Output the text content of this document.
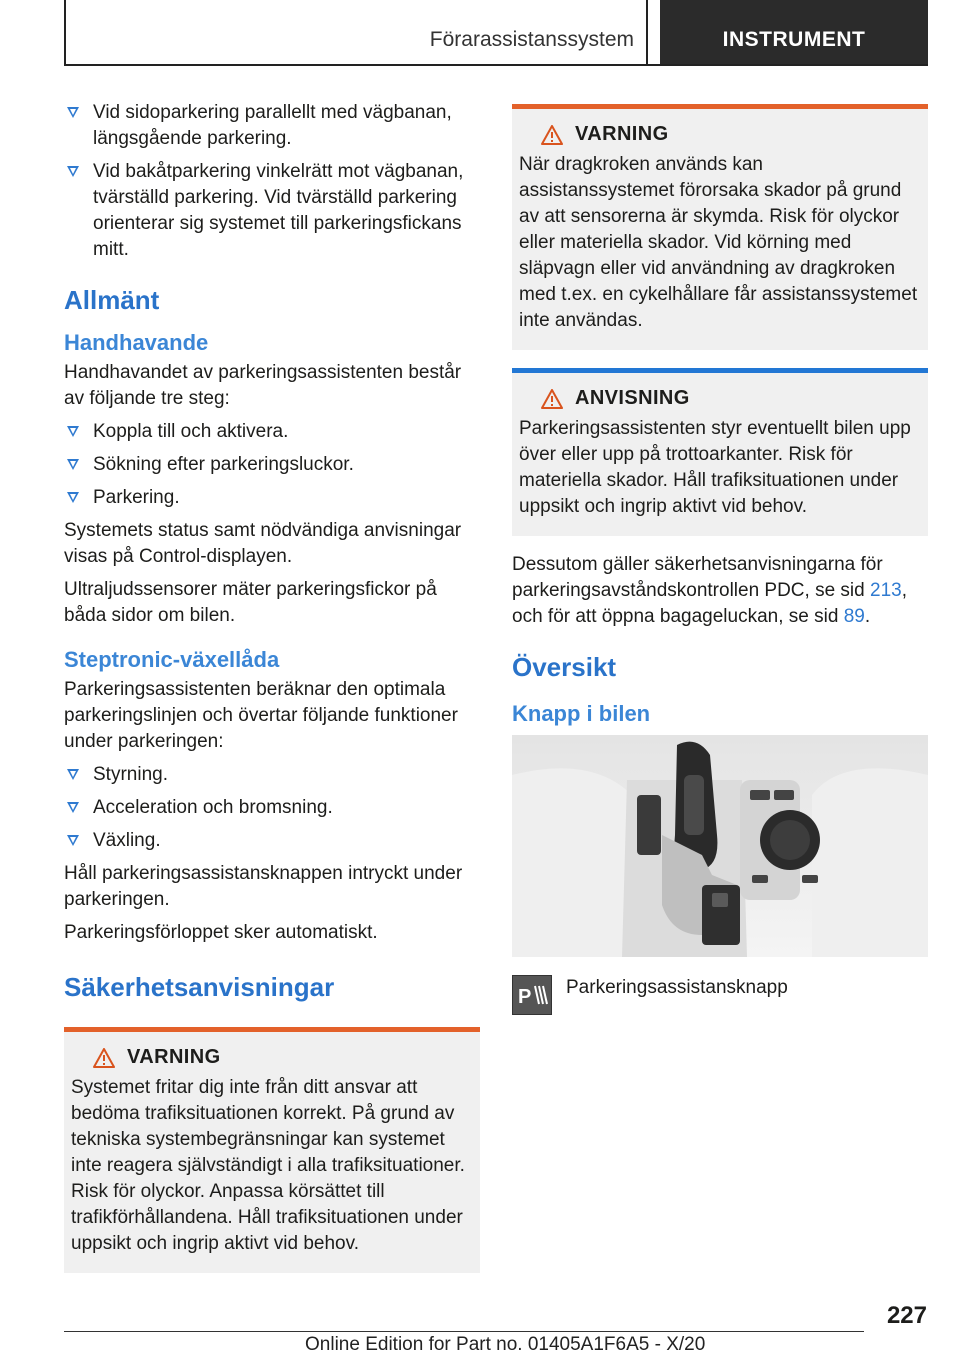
Förarassistanssystem	INSTRUMENT
Vid sidoparkering parallellt med vägbanan, längsgående parkering.
Vid bakåtparkering vinkelrätt mot vägbanan, tvärställd parkering. Vid tvärställd parkering orienterar sig systemet till parkeringsfickans mitt.
Allmänt
Handhavande

Handhavandet av parkeringsassistenten består av följande tre steg:

Koppla till och aktivera.
Sökning efter parkeringsluckor.
Parkering.

Systemets status samt nödvändiga anvisningar visas på Control-displayen.

Ultraljudssensorer mäter parkeringsfickor på båda sidor om bilen.

Steptronic-växellåda

Parkeringsassistenten beräknar den optimala parkeringslinjen och övertar följande funktioner under parkeringen:

Styrning.
Acceleration och bromsning.
Växling.

Håll parkeringsassistansknappen intryckt under parkeringen.

Parkeringsförloppet sker automatiskt.

Säkerhetsanvisningar
VARNING
Systemet fritar dig inte från ditt ansvar att bedöma trafiksituationen korrekt. På grund av tekniska systembegränsningar kan systemet inte reagera självständigt i alla trafiksituationer. Risk för olyckor. Anpassa körsättet till trafikförhållandena. Håll trafiksituationen under uppsikt och ingrip aktivt vid behov.
VARNING
När dragkroken används kan assistanssystemet förorsaka skador på grund av att sensorerna är skymda. Risk för olyckor eller materiella skador. Vid körning med släpvagn eller vid användning av dragkroken med t.ex. en cykelhållare får assistanssystemet inte användas.
ANVISNING
Parkeringsassistenten styr eventuellt bilen upp över eller upp på trottoarkanter. Risk för materiella skador. Håll trafiksituationen under uppsikt och ingrip aktivt vid behov.

Dessutom gäller säkerhetsanvisningarna för parkeringsavståndskontrollen PDC, se sid 213, och för att öppna bagageluckan, se sid 89.

Översikt
Knapp i bilen
P Parkeringsassistansknapp
227
Online Edition for Part no. 01405A1F6A5 - X/20
